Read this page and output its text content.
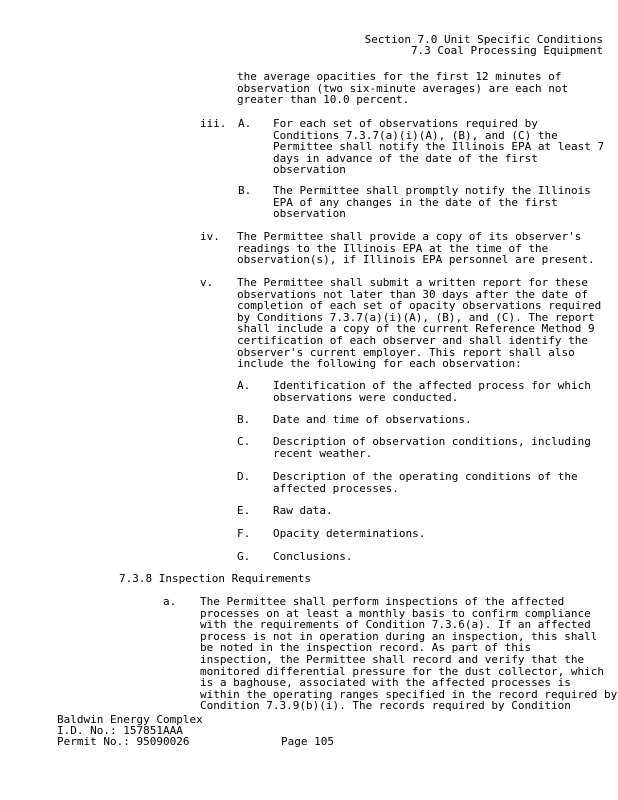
Section 7.0 Unit Specific Conditions
7.3 Coal Processing Equipment
the average opacities for the first 12 minutes of
observation (two six-minute averages) are each not
greater than 10.0 percent.
iii. A. For each set of observations required by
Conditions 7.3.7(a)(i)(A), (B), and (C) the
Permittee shall notify the Illinois EPA at least 7
days in advance of the date of the first
observation
B. The Permittee shall promptly notify the Illinois
EPA of any changes in the date of the first
observation
iv. The Permittee shall provide a copy of its observer's
readings to the Illinois EPA at the time of the
observation(s), if Illinois EPA personnel are present.
v. The Permittee shall submit a written report for these
observations not later than 30 days after the date of
completion of each set of opacity observations required
by Conditions 7.3.7(a)(i)(A), (B), and (C). The report
shall include a copy of the current Reference Method 9
certification of each observer and shall identify the
observer's current employer. This report shall also
include the following for each observation:
A. Identification of the affected process for which
observations were conducted.
B. Date and time of observations.
C. Description of observation conditions, including
recent weather.
D. Description of the operating conditions of the
affected processes.
E. Raw data.
F. Opacity determinations.
G. Conclusions.
7.3.8 Inspection Requirements
a. The Permittee shall perform inspections of the affected
processes on at least a monthly basis to confirm compliance
with the requirements of Condition 7.3.6(a). If an affected
process is not in operation during an inspection, this shall
be noted in the inspection record. As part of this
inspection, the Permittee shall record and verify that the
monitored differential pressure for the dust collector, which
is a baghouse, associated with the affected processes is
within the operating ranges specified in the record required by
Condition 7.3.9(b)(i). The records required by Condition
Baldwin Energy Complex
I.D. No.: 157851AAA
Permit No.: 95090026	Page 105
